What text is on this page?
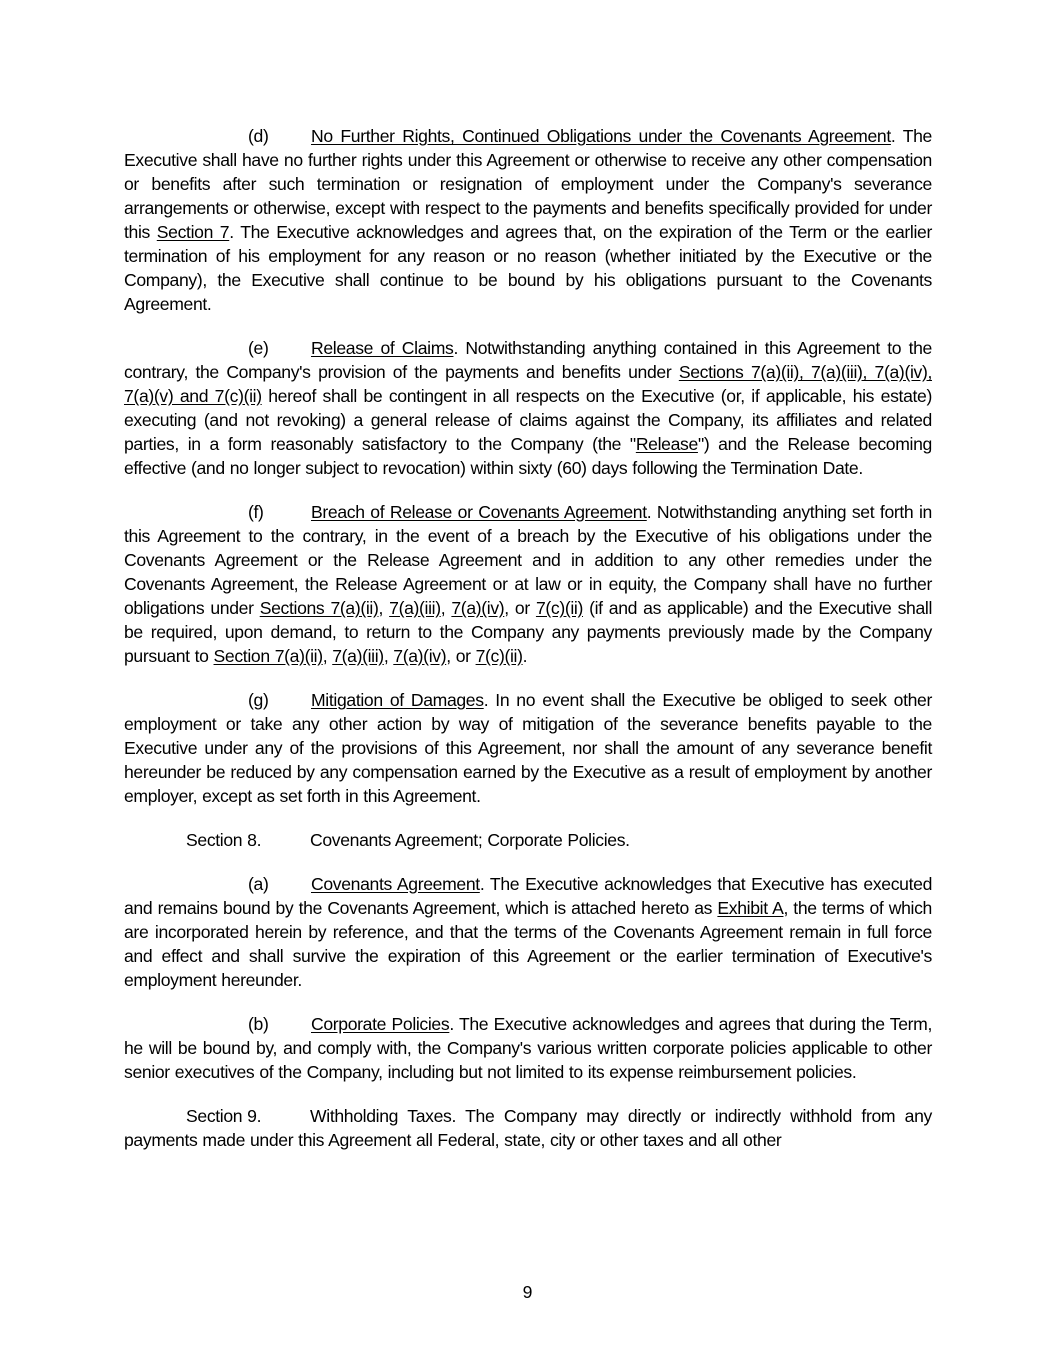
(d) No Further Rights, Continued Obligations under the Covenants Agreement. The Executive shall have no further rights under this Agreement or otherwise to receive any other compensation or benefits after such termination or resignation of employment under the Company's severance arrangements or otherwise, except with respect to the payments and benefits specifically provided for under this Section 7. The Executive acknowledges and agrees that, on the expiration of the Term or the earlier termination of his employment for any reason or no reason (whether initiated by the Executive or the Company), the Executive shall continue to be bound by his obligations pursuant to the Covenants Agreement.

(e) Release of Claims. Notwithstanding anything contained in this Agreement to the contrary, the Company's provision of the payments and benefits under Sections 7(a)(ii), 7(a)(iii), 7(a)(iv), 7(a)(v) and 7(c)(ii) hereof shall be contingent in all respects on the Executive (or, if applicable, his estate) executing (and not revoking) a general release of claims against the Company, its affiliates and related parties, in a form reasonably satisfactory to the Company (the "Release") and the Release becoming effective (and no longer subject to revocation) within sixty (60) days following the Termination Date.

(f)	Breach of Release or Covenants Agreement. Notwithstanding anything set forth in this Agreement to the contrary, in the event of a breach by the Executive of his obligations under the Covenants Agreement or the Release Agreement and in addition to any other remedies under the Covenants Agreement, the Release Agreement or at law or in equity, the Company shall have no further obligations under Sections 7(a)(ii), 7(a)(iii), 7(a)(iv), or 7(c)(ii) (if and as applicable) and the Executive shall be required, upon demand, to return to the Company any payments previously made by the Company pursuant to Section 7(a)(ii), 7(a)(iii), 7(a)(iv), or 7(c)(ii).

(g) Mitigation of Damages. In no event shall the Executive be obliged to seek other employment or take any other action by way of mitigation of the severance benefits payable to the Executive under any of the provisions of this Agreement, nor shall the amount of any severance benefit hereunder be reduced by any compensation earned by the Executive as a result of employment by another employer, except as set forth in this Agreement.

Section 8.	Covenants Agreement; Corporate Policies.

(a) Covenants Agreement. The Executive acknowledges that Executive has executed and remains bound by the Covenants Agreement, which is attached hereto as Exhibit A, the terms of which are incorporated herein by reference, and that the terms of the Covenants Agreement remain in full force and effect and shall survive the expiration of this Agreement or the earlier termination of Executive's employment hereunder.

(b) Corporate Policies. The Executive acknowledges and agrees that during the Term, he will be bound by, and comply with, the Company's various written corporate policies applicable to other senior executives of the Company, including but not limited to its expense reimbursement policies.

Section 9.	Withholding Taxes. The Company may directly or indirectly withhold from any payments made under this Agreement all Federal, state, city or other taxes and all other

9
